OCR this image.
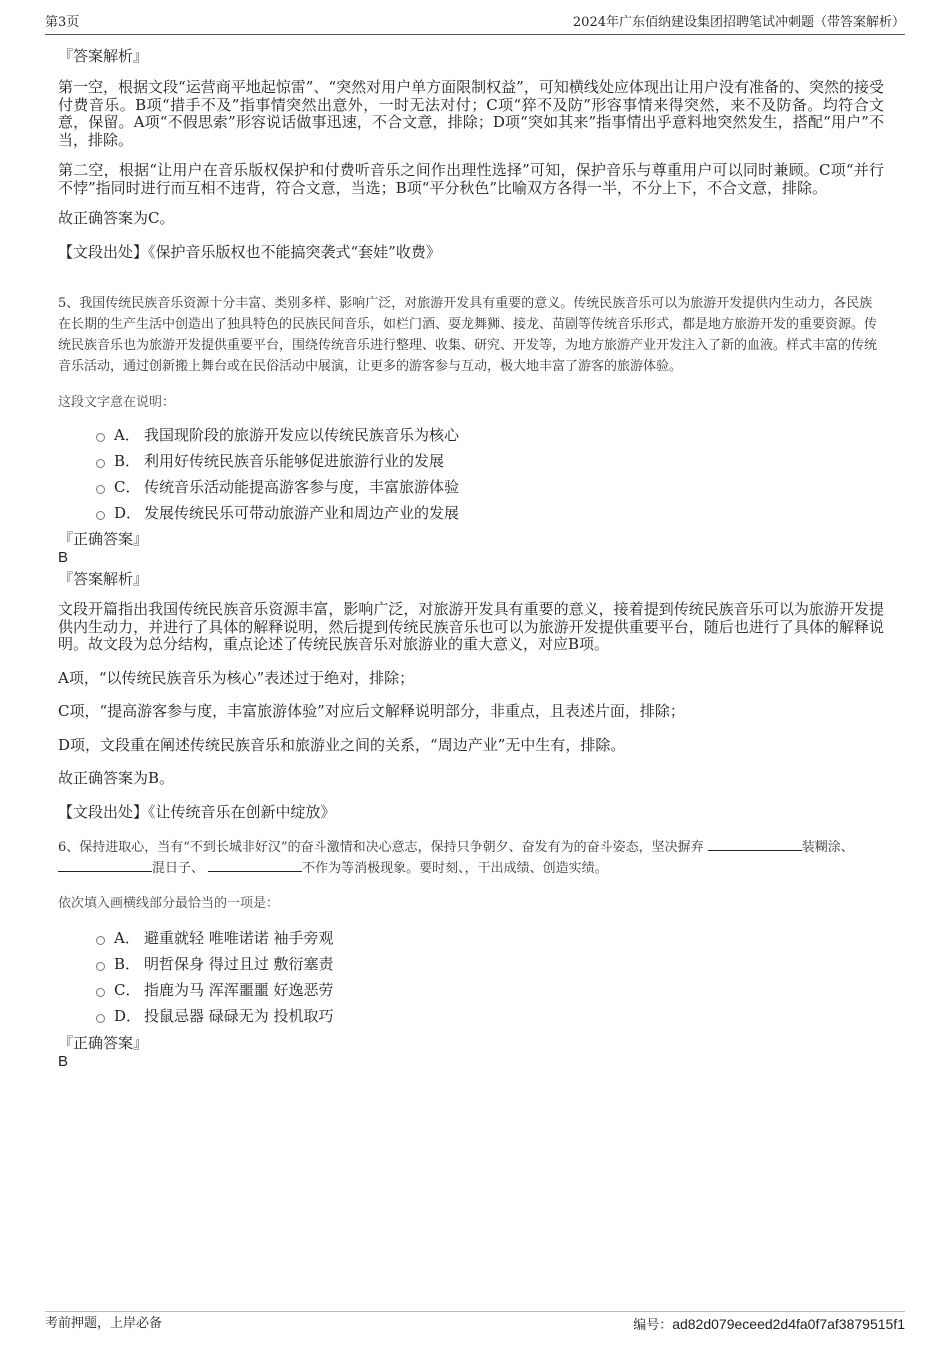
第3页	2024年广东佰纳建设集团招聘笔试冲刺题（带答案解析）

『答案解析』

第一空，根据文段“运营商平地起惊雷”、“突然对用户单方面限制权益”，可知横线处应体现出让用户没有准备的、突然的接受付费音乐。B项“措手不及”指事情突然出意外，一时无法对付；C项“猝不及防”形容事情来得突然，来不及防备。均符合文意，保留。A项“不假思索”形容说话做事迅速，不合文意，排除；D项“突如其来”指事情出乎意料地突然发生，搭配“用户”不当，排除。

第二空，根据“让用户在音乐版权保护和付费听音乐之间作出理性选择”可知，保护音乐与尊重用户可以同时兼顾。C项“并行不悖”指同时进行而互相不违背，符合文意，当选；B项“平分秋色”比喻双方各得一半，不分上下，不合文意，排除。

故正确答案为C。

【文段出处】《保护音乐版权也不能搞突袭式“套娃”收费》

5、我国传统民族音乐资源十分丰富、类别多样、影响广泛，对旅游开发具有重要的意义。传统民族音乐可以为旅游开发提供内生动力，各民族在长期的生产生活中创造出了独具特色的民族民间音乐，如栏门酒、耍龙舞狮、接龙、苗剧等传统音乐形式，都是地方旅游开发的重要资源。传统民族音乐也为旅游开发提供重要平台，围绕传统音乐进行整理、收集、研究、开发等，为地方旅游产业开发注入了新的血液。样式丰富的传统音乐活动，通过创新搬上舞台或在民俗活动中展演，让更多的游客参与互动，极大地丰富了游客的旅游体验。

这段文字意在说明：

A． 我国现阶段的旅游开发应以传统民族音乐为核心
B． 利用好传统民族音乐能够促进旅游行业的发展
C． 传统音乐活动能提高游客参与度，丰富旅游体验
D． 发展传统民乐可带动旅游产业和周边产业的发展

『正确答案』

B

『答案解析』

文段开篇指出我国传统民族音乐资源丰富，影响广泛，对旅游开发具有重要的意义，接着提到传统民族音乐可以为旅游开发提供内生动力，并进行了具体的解释说明，然后提到传统民族音乐也可以为旅游开发提供重要平台，随后也进行了具体的解释说明。故文段为总分结构，重点论述了传统民族音乐对旅游业的重大意义，对应B项。

A项，“以传统民族音乐为核心”表述过于绝对，排除；

C项，“提高游客参与度，丰富旅游体验”对应后文解释说明部分，非重点，且表述片面，排除；

D项，文段重在阐述传统民族音乐和旅游业之间的关系，“周边产业”无中生有，排除。

故正确答案为B。

【文段出处】《让传统音乐在创新中绽放》

6、保持进取心，当有“不到长城非好汉”的奋斗激情和决心意志，保持只争朝夕、奋发有为的奋斗姿态，坚决摒弃	装糊涂、混日子、	不作为等消极现象。要时刻、，干出成绩、创造实绩。

依次填入画横线部分最恰当的一项是：

A． 避重就轻 唯唯诺诺 袖手旁观
B． 明哲保身 得过且过 敷衍塞责
C． 指鹿为马 浑浑噩噩 好逸恶劳
D． 投鼠忌器 碌碌无为 投机取巧

『正确答案』

B

考前押题，上岸必备	编号：ad82d079eceed2d4fa0f7af3879515f1
